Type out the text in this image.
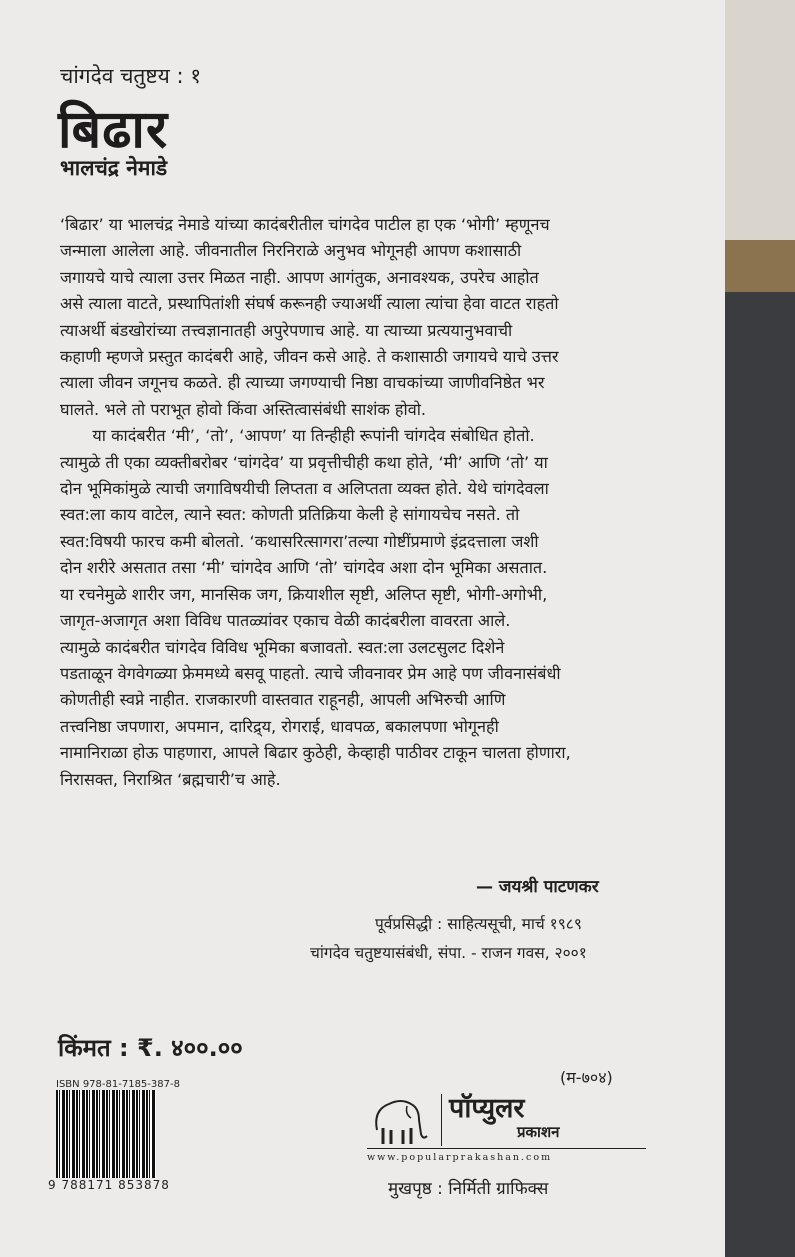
चांगदेव चतुष्टय : १
बिढार
भालचंद्र नेमाडे
‘बिढार’ या भालचंद्र नेमाडे यांच्या कादंबरीतील चांगदेव पाटील हा एक ‘भोगी’ म्हणूनच
जन्माला आलेला आहे. जीवनातील निरनिराळे अनुभव भोगूनही आपण कशासाठी
जगायचे याचे त्याला उत्तर मिळत नाही. आपण आगंतुक, अनावश्यक, उपरेच आहोत
असे त्याला वाटते, प्रस्थापितांशी संघर्ष करूनही ज्याअर्थी त्याला त्यांचा हेवा वाटत राहतो
त्याअर्थी बंडखोरांच्या तत्त्वज्ञानातही अपुरेपणाच आहे. या त्याच्या प्रत्ययानुभवाची
कहाणी म्हणजे प्रस्तुत कादंबरी आहे, जीवन कसे आहे. ते कशासाठी जगायचे याचे उत्तर
त्याला जीवन जगूनच कळते. ही त्याच्या जगण्याची निष्ठा वाचकांच्या जाणीवनिष्ठेत भर
घालते. भले तो पराभूत होवो किंवा अस्तित्वासंबंधी साशंक होवो.
  या कादंबरीत ‘मी’, ‘तो’, ‘आपण’ या तिन्हीही रूपांनी चांगदेव संबोधित होतो.
त्यामुळे ती एका व्यक्तीबरोबर ‘चांगदेव’ या प्रवृत्तीचीही कथा होते, ‘मी’ आणि ‘तो’ या
दोन भूमिकांमुळे त्याची जगाविषयीची लिप्तता व अलिप्तता व्यक्त होते. येथे चांगदेवला
स्वत:ला काय वाटेल, त्याने स्वत: कोणती प्रतिक्रिया केली हे सांगायचेच नसते. तो
स्वत:विषयी फारच कमी बोलतो. ‘कथासरित्सागरा’तल्या गोष्टींप्रमाणे इंद्रदत्ताला जशी
दोन शरीरे असतात तसा ‘मी’ चांगदेव आणि ‘तो’ चांगदेव अशा दोन भूमिका असतात.
या रचनेमुळे शारीर जग, मानसिक जग, क्रियाशील सृष्टी, अलिप्त सृष्टी, भोगी-अगोभी,
जागृत-अजागृत अशा विविध पातळ्यांवर एकाच वेळी कादंबरीला वावरता आले.
त्यामुळे कादंबरीत चांगदेव विविध भूमिका बजावतो. स्वत:ला उलटसुलट दिशेने
पडताळून वेगवेगळ्या फ्रेममध्ये बसवू पाहतो. त्याचे जीवनावर प्रेम आहे पण जीवनासंबंधी
कोणतीही स्वप्ने नाहीत. राजकारणी वास्तवात राहूनही, आपली अभिरुची आणि
तत्त्वनिष्ठा जपणारा, अपमान, दारिद्र्य, रोगराई, धावपळ, बकालपणा भोगूनही
नामानिराळा होऊ पाहणारा, आपले बिढार कुठेही, केव्हाही पाठीवर टाकून चालता होणारा,
निरासक्त, निराश्रित ‘ब्रह्मचारी’च आहे.
— जयश्री पाटणकर
पूर्वप्रसिद्धी : साहित्यसूची, मार्च १९८९
चांगदेव चतुष्टयासंबंधी, संपा. - राजन गवस, २००१
किंमत : ₹. ४००.००
(म-७०४)
ISBN 978-81-7185-387-8
9 788171 853878
पॉप्युलर
प्रकाशन
www.popularprakashan.com
मुखपृष्ठ : निर्मिती ग्राफिक्स
